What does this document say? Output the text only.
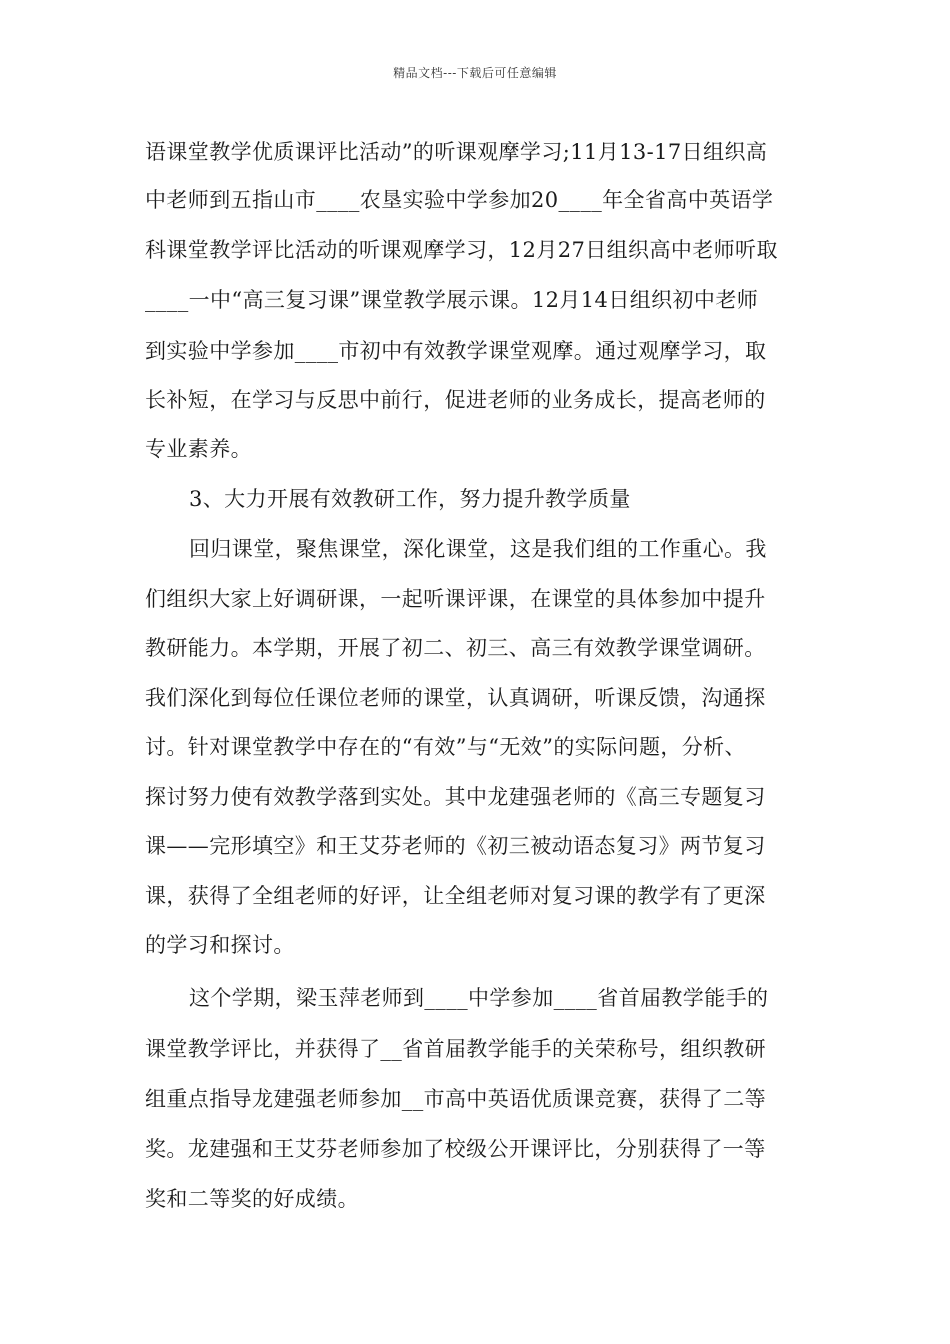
精品文档---下载后可任意编辑
语课堂教学优质课评比活动”的听课观摩学习;11月13-17日组织高
中老师到五指山市____农垦实验中学参加20____年全省高中英语学
科课堂教学评比活动的听课观摩学习，12月27日组织高中老师听取
____一中“高三复习课”课堂教学展示课。12月14日组织初中老师
到实验中学参加____市初中有效教学课堂观摩。通过观摩学习，取
长补短，在学习与反思中前行，促进老师的业务成长，提高老师的
专业素养。
3、大力开展有效教研工作，努力提升教学质量
回归课堂，聚焦课堂，深化课堂，这是我们组的工作重心。我
们组织大家上好调研课，一起听课评课，在课堂的具体参加中提升
教研能力。本学期，开展了初二、初三、高三有效教学课堂调研。
我们深化到每位任课位老师的课堂，认真调研，听课反馈，沟通探
讨。针对课堂教学中存在的“有效”与“无效”的实际问题，分析、
探讨努力使有效教学落到实处。其中龙建强老师的《高三专题复习
课——完形填空》和王艾芬老师的《初三被动语态复习》两节复习
课，获得了全组老师的好评，让全组老师对复习课的教学有了更深
的学习和探讨。
这个学期，梁玉萍老师到____中学参加____省首届教学能手的
课堂教学评比，并获得了__省首届教学能手的关荣称号，组织教研
组重点指导龙建强老师参加__市高中英语优质课竞赛，获得了二等
奖。龙建强和王艾芬老师参加了校级公开课评比，分别获得了一等
奖和二等奖的好成绩。
